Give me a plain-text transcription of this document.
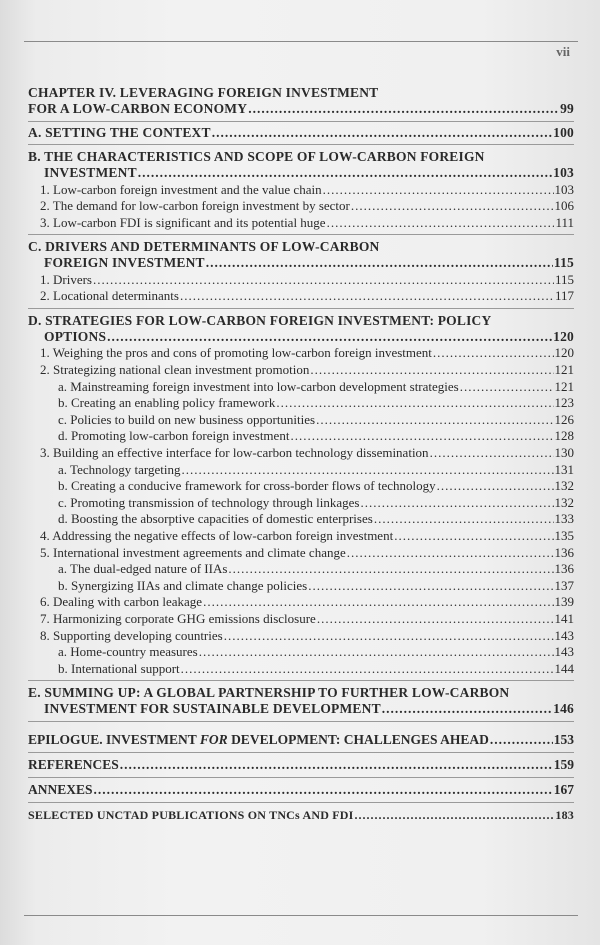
vii
CHAPTER IV. LEVERAGING FOREIGN INVESTMENT
FOR A LOW-CARBON ECONOMY .....	99
A. SETTING THE CONTEXT .....	100
B. THE CHARACTERISTICS AND SCOPE OF LOW-CARBON FOREIGN
INVESTMENT .....	103
1. Low-carbon foreign investment and the value chain .....	103
2. The demand for low-carbon foreign investment by sector .....	106
3. Low-carbon FDI is significant and its potential huge .....	111
C. DRIVERS AND DETERMINANTS OF LOW-CARBON
FOREIGN INVESTMENT .....	115
1. Drivers .....	115
2. Locational determinants .....	117
D. STRATEGIES FOR LOW-CARBON FOREIGN INVESTMENT: POLICY
OPTIONS .....	120
1. Weighing the pros and cons of promoting low-carbon foreign investment .....	120
2. Strategizing national clean investment promotion .....	121
a. Mainstreaming foreign investment into low-carbon development strategies .....	121
b. Creating an enabling policy framework .....	123
c. Policies to build on new business opportunities .....	126
d. Promoting low-carbon foreign investment .....	128
3. Building an effective interface for low-carbon technology dissemination .....	130
a. Technology targeting .....	131
b. Creating a conducive framework for cross-border flows of technology .....	132
c. Promoting transmission of technology through linkages .....	132
d. Boosting the absorptive capacities of domestic enterprises .....	133
4. Addressing the negative effects of low-carbon foreign investment .....	135
5. International investment agreements and climate change .....	136
a. The dual-edged nature of IIAs .....	136
b. Synergizing IIAs and climate change policies .....	137
6. Dealing with carbon leakage .....	139
7. Harmonizing corporate GHG emissions disclosure .....	141
8. Supporting developing countries .....	143
a. Home-country measures .....	143
b. International support .....	144
E. SUMMING UP: A GLOBAL PARTNERSHIP TO FURTHER LOW-CARBON
INVESTMENT FOR SUSTAINABLE DEVELOPMENT .....	146
EPILOGUE. INVESTMENT FOR DEVELOPMENT: CHALLENGES AHEAD .....	153
REFERENCES .....	159
ANNEXES .....	167
SELECTED UNCTAD PUBLICATIONS ON TNCs AND FDI .....	183
